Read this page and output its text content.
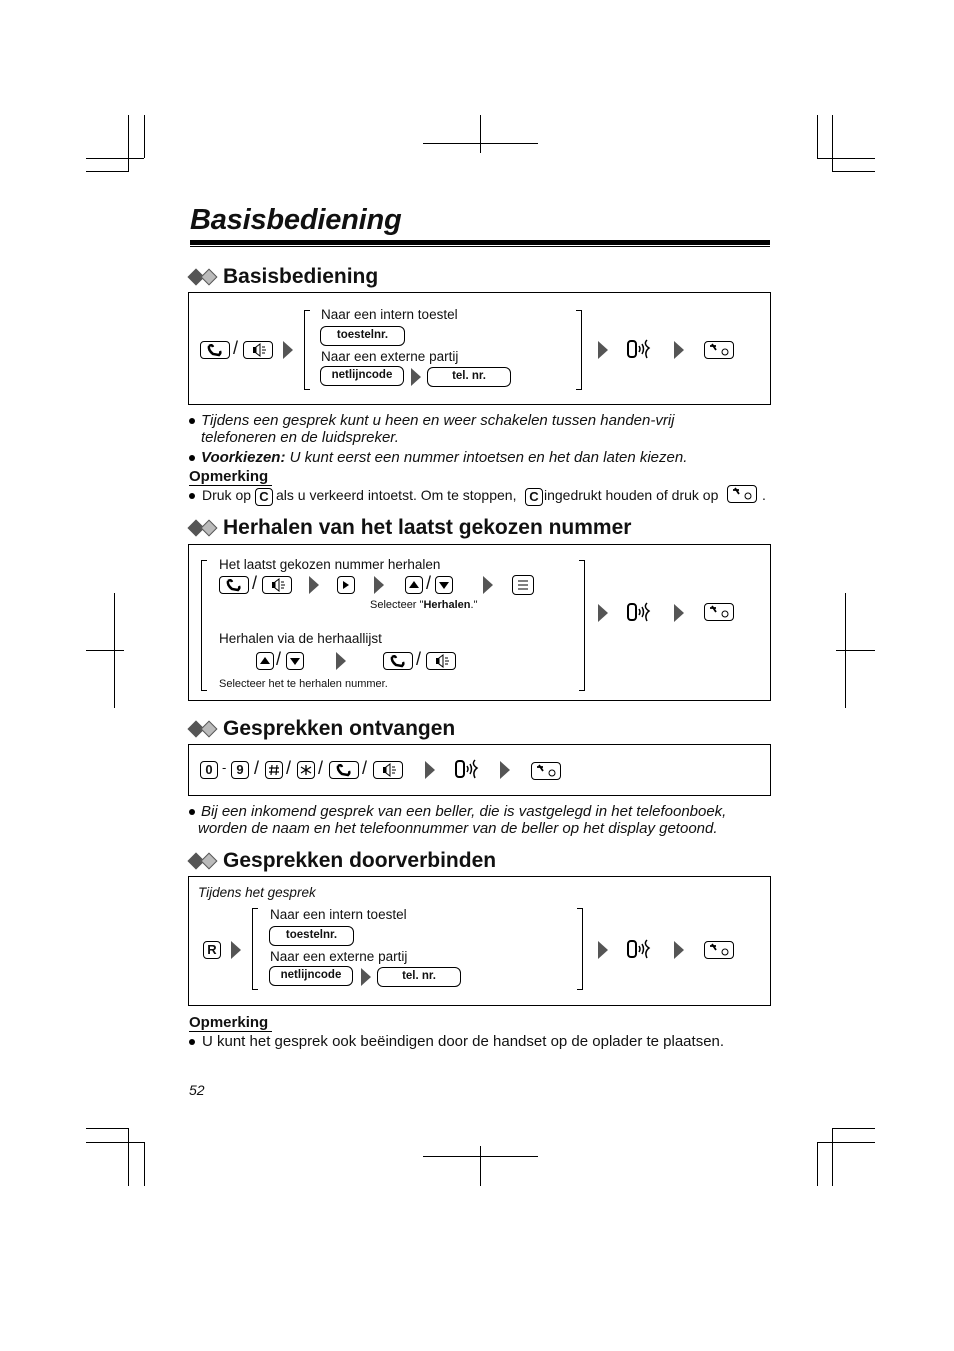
Basisbediening
Basisbediening
/
Naar een intern toestel
toestelnr.
Naar een externe partij
netlijncode	tel. nr.
Tijdens een gesprek kunt u heen en weer schakelen tussen handen-vrij
telefoneren en de luidspreker.
Voorkiezen: U kunt eerst een nummer intoetsen en het dan laten kiezen.
Opmerking
Druk op C als u verkeerd intoetst. Om te stoppen, C ingedrukt houden of druk op	.
Herhalen van het laatst gekozen nummer
Het laatst gekozen nummer herhalen
/	/
Selecteer "Herhalen."
Herhalen via de herhaallijst
/	/
Selecteer het te herhalen nummer.
Gesprekken ontvangen
0 - 9 / / / /
Bij een inkomend gesprek van een beller, die is vastgelegd in het telefoonboek,
worden de naam en het telefoonnummer van de beller op het display getoond.
Gesprekken doorverbinden
Tijdens het gesprek
R
Naar een intern toestel
toestelnr.
Naar een externe partij
netlijncode	tel. nr.
Opmerking
U kunt het gesprek ook beëindigen door de handset op de oplader te plaatsen.
52
